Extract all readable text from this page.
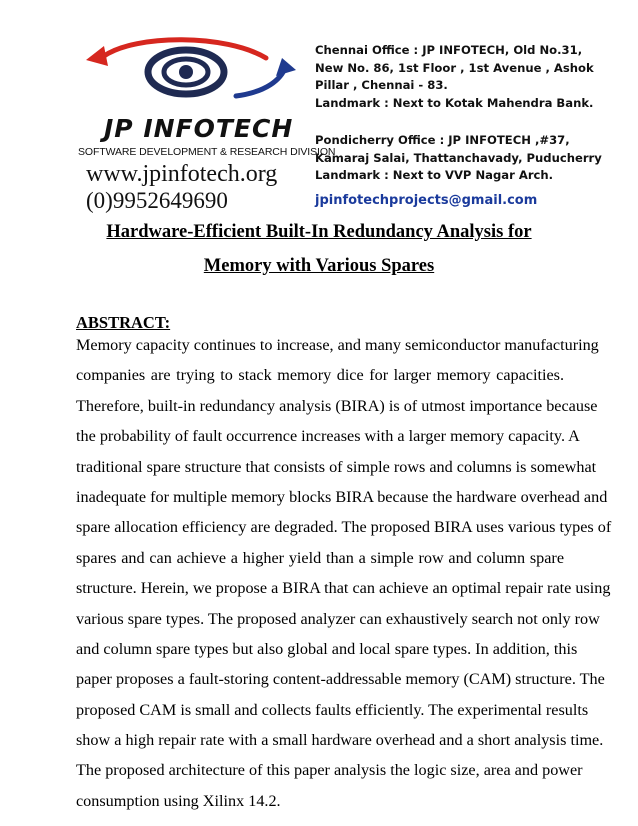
JP INFOTECH
SOFTWARE DEVELOPMENT & RESEARCH DIVISION
www.jpinfotech.org
(0)9952649690
Chennai Office : JP INFOTECH, Old No.31,
New No. 86, 1st Floor , 1st Avenue , Ashok
Pillar , Chennai - 83.
Landmark : Next to Kotak Mahendra Bank.
Pondicherry Office : JP INFOTECH ,#37,
Kamaraj Salai, Thattanchavady, Puducherry
Landmark : Next to VVP Nagar Arch.
jpinfotechprojects@gmail.com
Hardware-Efficient Built-In Redundancy Analysis for
Memory with Various Spares
ABSTRACT:
Memory capacity continues to increase, and many semiconductor manufacturing
companies are trying to stack memory dice for larger memory capacities.
Therefore, built-in redundancy analysis (BIRA) is of utmost importance because
the probability of fault occurrence increases with a larger memory capacity. A
traditional spare structure that consists of simple rows and columns is somewhat
inadequate for multiple memory blocks BIRA because the hardware overhead and
spare allocation efficiency are degraded. The proposed BIRA uses various types of
spares and can achieve a higher yield than a simple row and column spare
structure. Herein, we propose a BIRA that can achieve an optimal repair rate using
various spare types. The proposed analyzer can exhaustively search not only row
and column spare types but also global and local spare types. In addition, this
paper proposes a fault-storing content-addressable memory (CAM) structure. The
proposed CAM is small and collects faults efficiently. The experimental results
show a high repair rate with a small hardware overhead and a short analysis time.
The proposed architecture of this paper analysis the logic size, area and power
consumption using Xilinx 14.2.
